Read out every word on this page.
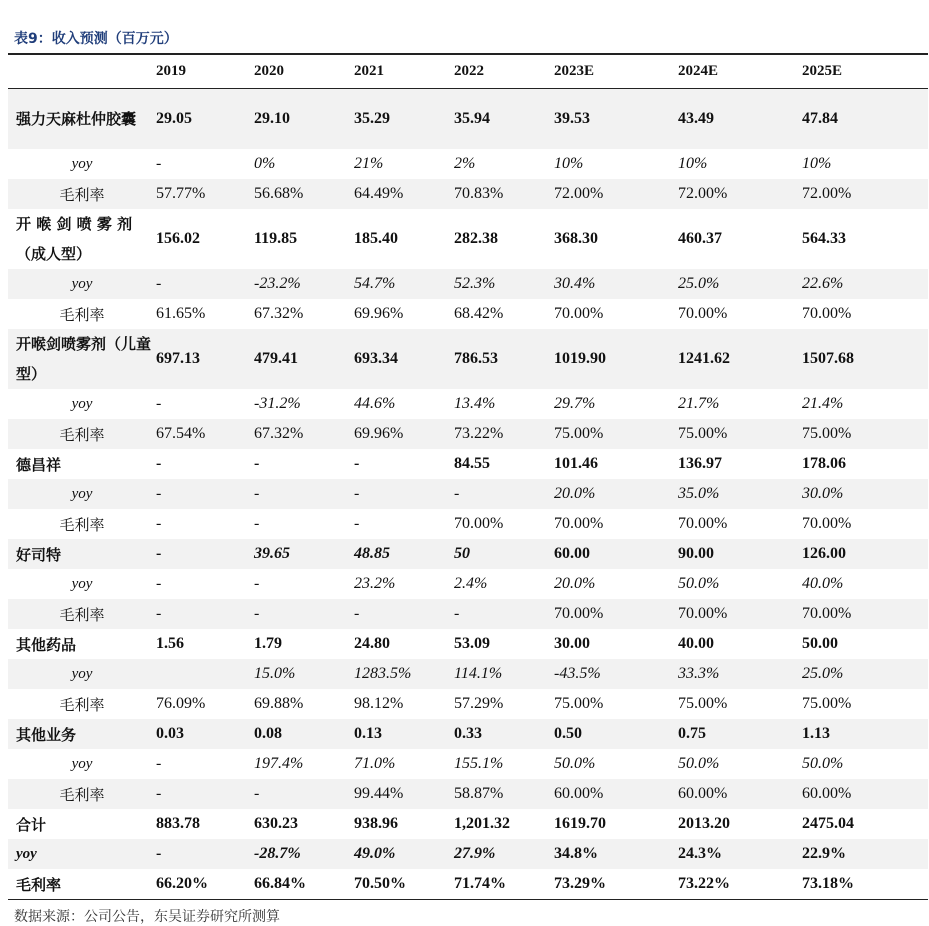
表9：收入预测（百万元）
	2019	2020	2021	2022	2023E	2024E	2025E
强力天麻杜仲胶囊	29.05	29.10	35.29	35.94	39.53	43.49	47.84
yoy	-	0%	21%	2%	10%	10%	10%
毛利率	57.77%	56.68%	64.49%	70.83%	72.00%	72.00%	72.00%
开 喉 剑 喷 雾 剂 （成人型）	156.02	119.85	185.40	282.38	368.30	460.37	564.33
yoy	-	-23.2%	54.7%	52.3%	30.4%	25.0%	22.6%
毛利率	61.65%	67.32%	69.96%	68.42%	70.00%	70.00%	70.00%
开喉剑喷雾剂（儿童型）	697.13	479.41	693.34	786.53	1019.90	1241.62	1507.68
yoy	-	-31.2%	44.6%	13.4%	29.7%	21.7%	21.4%
毛利率	67.54%	67.32%	69.96%	73.22%	75.00%	75.00%	75.00%
德昌祥	-	-	-	84.55	101.46	136.97	178.06
yoy	-	-	-	-	20.0%	35.0%	30.0%
毛利率	-	-	-	70.00%	70.00%	70.00%	70.00%
好司特	-	39.65	48.85	50	60.00	90.00	126.00
yoy	-	-	23.2%	2.4%	20.0%	50.0%	40.0%
毛利率	-	-	-	-	70.00%	70.00%	70.00%
其他药品	1.56	1.79	24.80	53.09	30.00	40.00	50.00
yoy		15.0%	1283.5%	114.1%	-43.5%	33.3%	25.0%
毛利率	76.09%	69.88%	98.12%	57.29%	75.00%	75.00%	75.00%
其他业务	0.03	0.08	0.13	0.33	0.50	0.75	1.13
yoy	-	197.4%	71.0%	155.1%	50.0%	50.0%	50.0%
毛利率	-	-	99.44%	58.87%	60.00%	60.00%	60.00%
合计	883.78	630.23	938.96	1,201.32	1619.70	2013.20	2475.04
yoy	-	-28.7%	49.0%	27.9%	34.8%	24.3%	22.9%
毛利率	66.20%	66.84%	70.50%	71.74%	73.29%	73.22%	73.18%
数据来源：公司公告，东吴证券研究所测算
